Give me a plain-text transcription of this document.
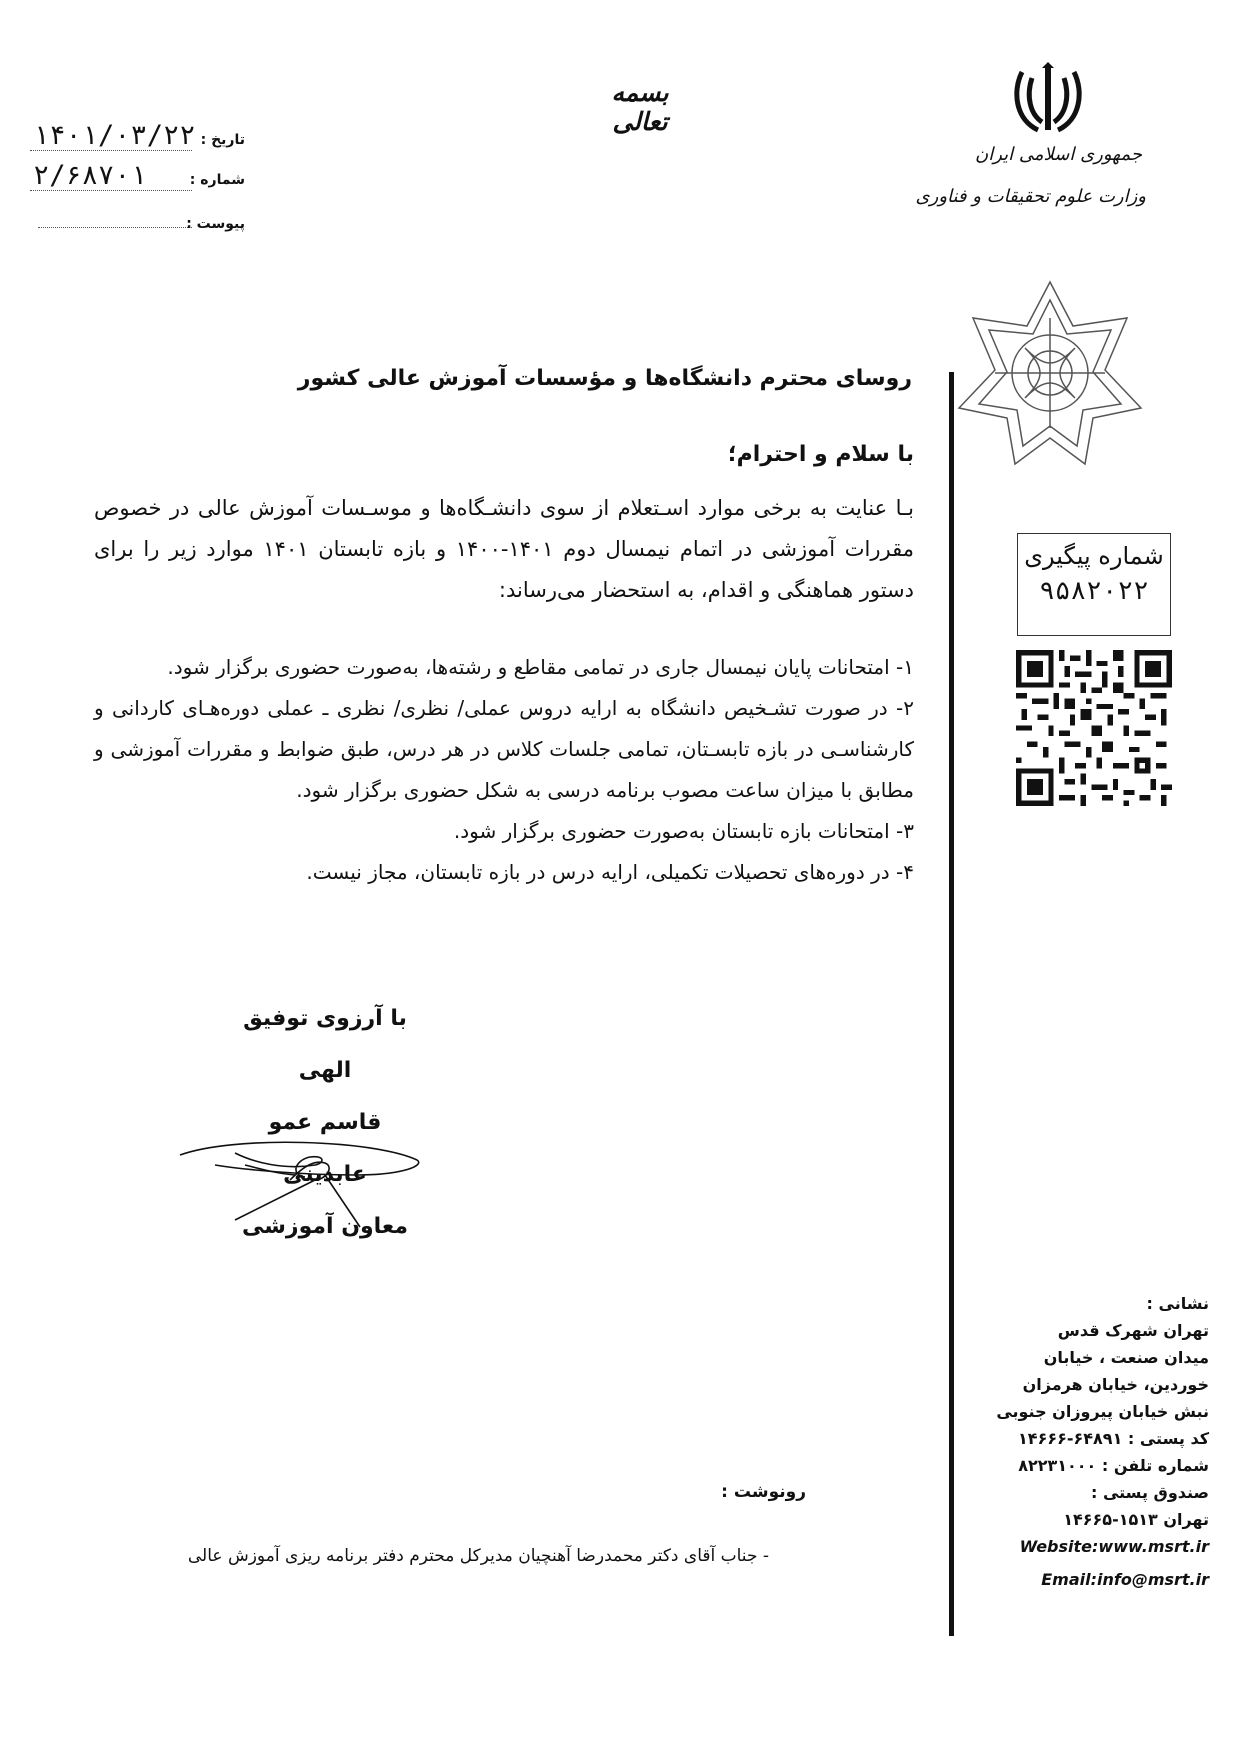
بسمه تعالی
جمهوری اسلامی ایران
وزارت علوم تحقیقات و فناوری
۱۴۰۱/۰۳/۲۲ تاریخ :
۲/۶۸۷۰۱	شماره :
پیوست :
روسای محترم دانشگاه‌ها و مؤسسات آموزش عالی کشور
با سلام و احترام؛
بـا عنایت به برخی موارد اسـتعلام از سوی دانشـگاه‌ها و موسـسات آموزش عالی در خصوص مقررات آموزشی در اتمام نیمسال دوم ۱۴۰۱-۱۴۰۰ و بازه تابستان ۱۴۰۱ موارد زیر را برای دستور هماهنگی و اقدام، به استحضار می‌رساند:

۱- امتحانات پایان نیمسال جاری در تمامی مقاطع و رشته‌ها، به‌صورت حضوری برگزار شود.

۲- در صورت تشـخیص دانشگاه به ارایه دروس عملی/ نظری/ نظری ـ عملی دوره‌هـای کاردانی و کارشناسـی در بازه تابسـتان، تمامی جلسات کلاس در هر درس، طبق ضوابط و مقررات آموزشی و مطابق با میزان ساعت مصوب برنامه درسی به شکل حضوری برگزار شود.

۳- امتحانات بازه تابستان به‌صورت حضوری برگزار شود.

۴- در دوره‌های تحصیلات تکمیلی، ارایه درس در بازه تابستان، مجاز نیست.

شماره پیگیری
۹۵۸۲۰۲۲
با آرزوی توفیق الهی
قاسم عمو عابدینی
معاون آموزشی
نشانی :
تهران شهرک قدس
میدان صنعت ، خیابان
خوردین، خیابان هرمزان
نبش خیابان پیروزان جنوبی
کد پستی : ۶۴۸۹۱-۱۴۶۶۶
شماره تلفن : ۸۲۲۳۱۰۰۰
صندوق پستی :
تهران ۱۵۱۳-۱۴۶۶۵
Website:www.msrt.ir
Email:info@msrt.ir
رونوشت :
- جناب آقای دکتر محمدرضا آهنچیان مدیرکل محترم دفتر برنامه ریزی آموزش عالی
